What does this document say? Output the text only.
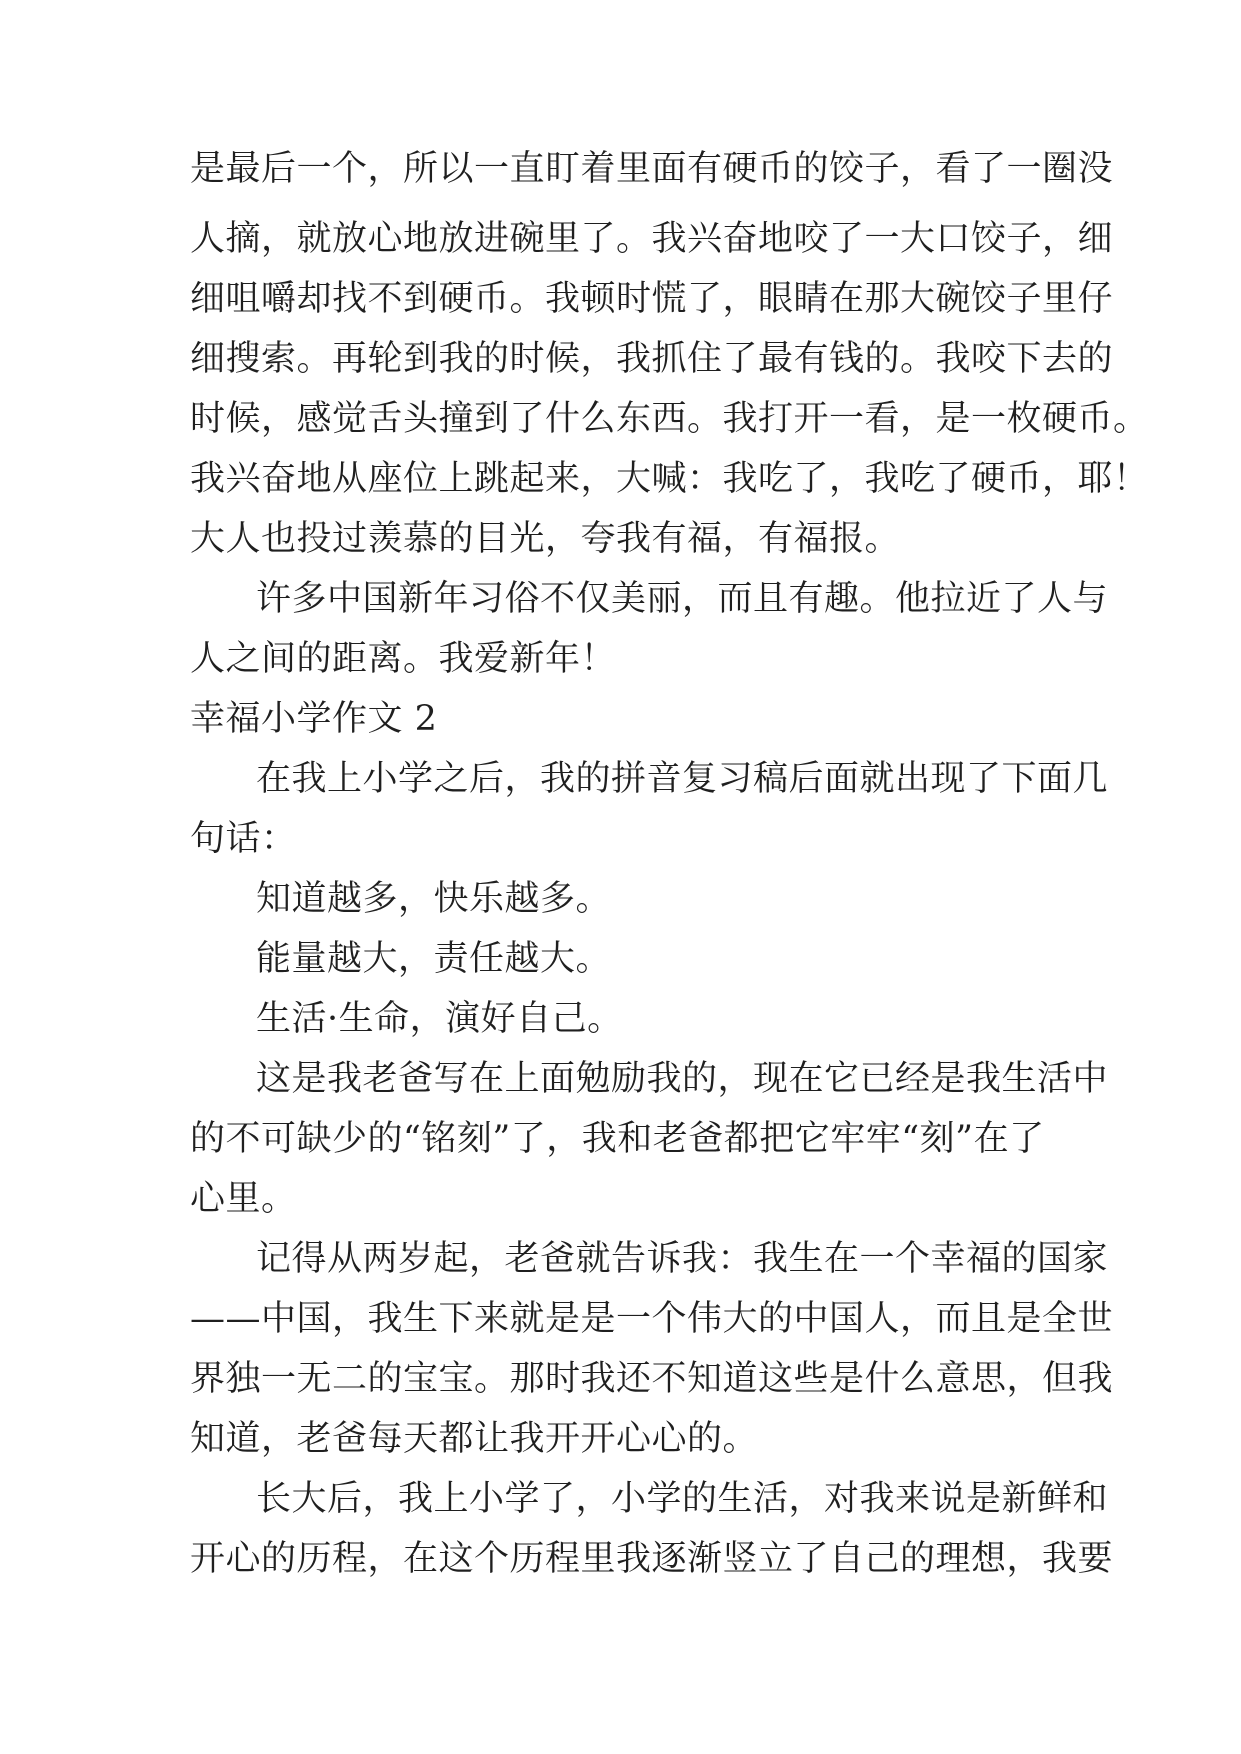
是最后一个，所以一直盯着里面有硬币的饺子，看了一圈没
人摘，就放心地放进碗里了。我兴奋地咬了一大口饺子，细
细咀嚼却找不到硬币。我顿时慌了，眼睛在那大碗饺子里仔
细搜索。再轮到我的时候，我抓住了最有钱的。我咬下去的
时候，感觉舌头撞到了什么东西。我打开一看，是一枚硬币。
我兴奋地从座位上跳起来，大喊：我吃了，我吃了硬币，耶！
大人也投过羡慕的目光，夸我有福，有福报。
许多中国新年习俗不仅美丽，而且有趣。他拉近了人与
人之间的距离。我爱新年！
幸福小学作文 2
在我上小学之后，我的拼音复习稿后面就出现了下面几
句话：
知道越多，快乐越多。
能量越大，责任越大。
生活·生命，演好自己。
这是我老爸写在上面勉励我的，现在它已经是我生活中
的不可缺少的“铭刻”了，我和老爸都把它牢牢“刻”在了
心里。
记得从两岁起，老爸就告诉我：我生在一个幸福的国家
——中国，我生下来就是是一个伟大的中国人，而且是全世
界独一无二的宝宝。那时我还不知道这些是什么意思，但我
知道，老爸每天都让我开开心心的。
长大后，我上小学了，小学的生活，对我来说是新鲜和
开心的历程，在这个历程里我逐渐竖立了自己的理想，我要
